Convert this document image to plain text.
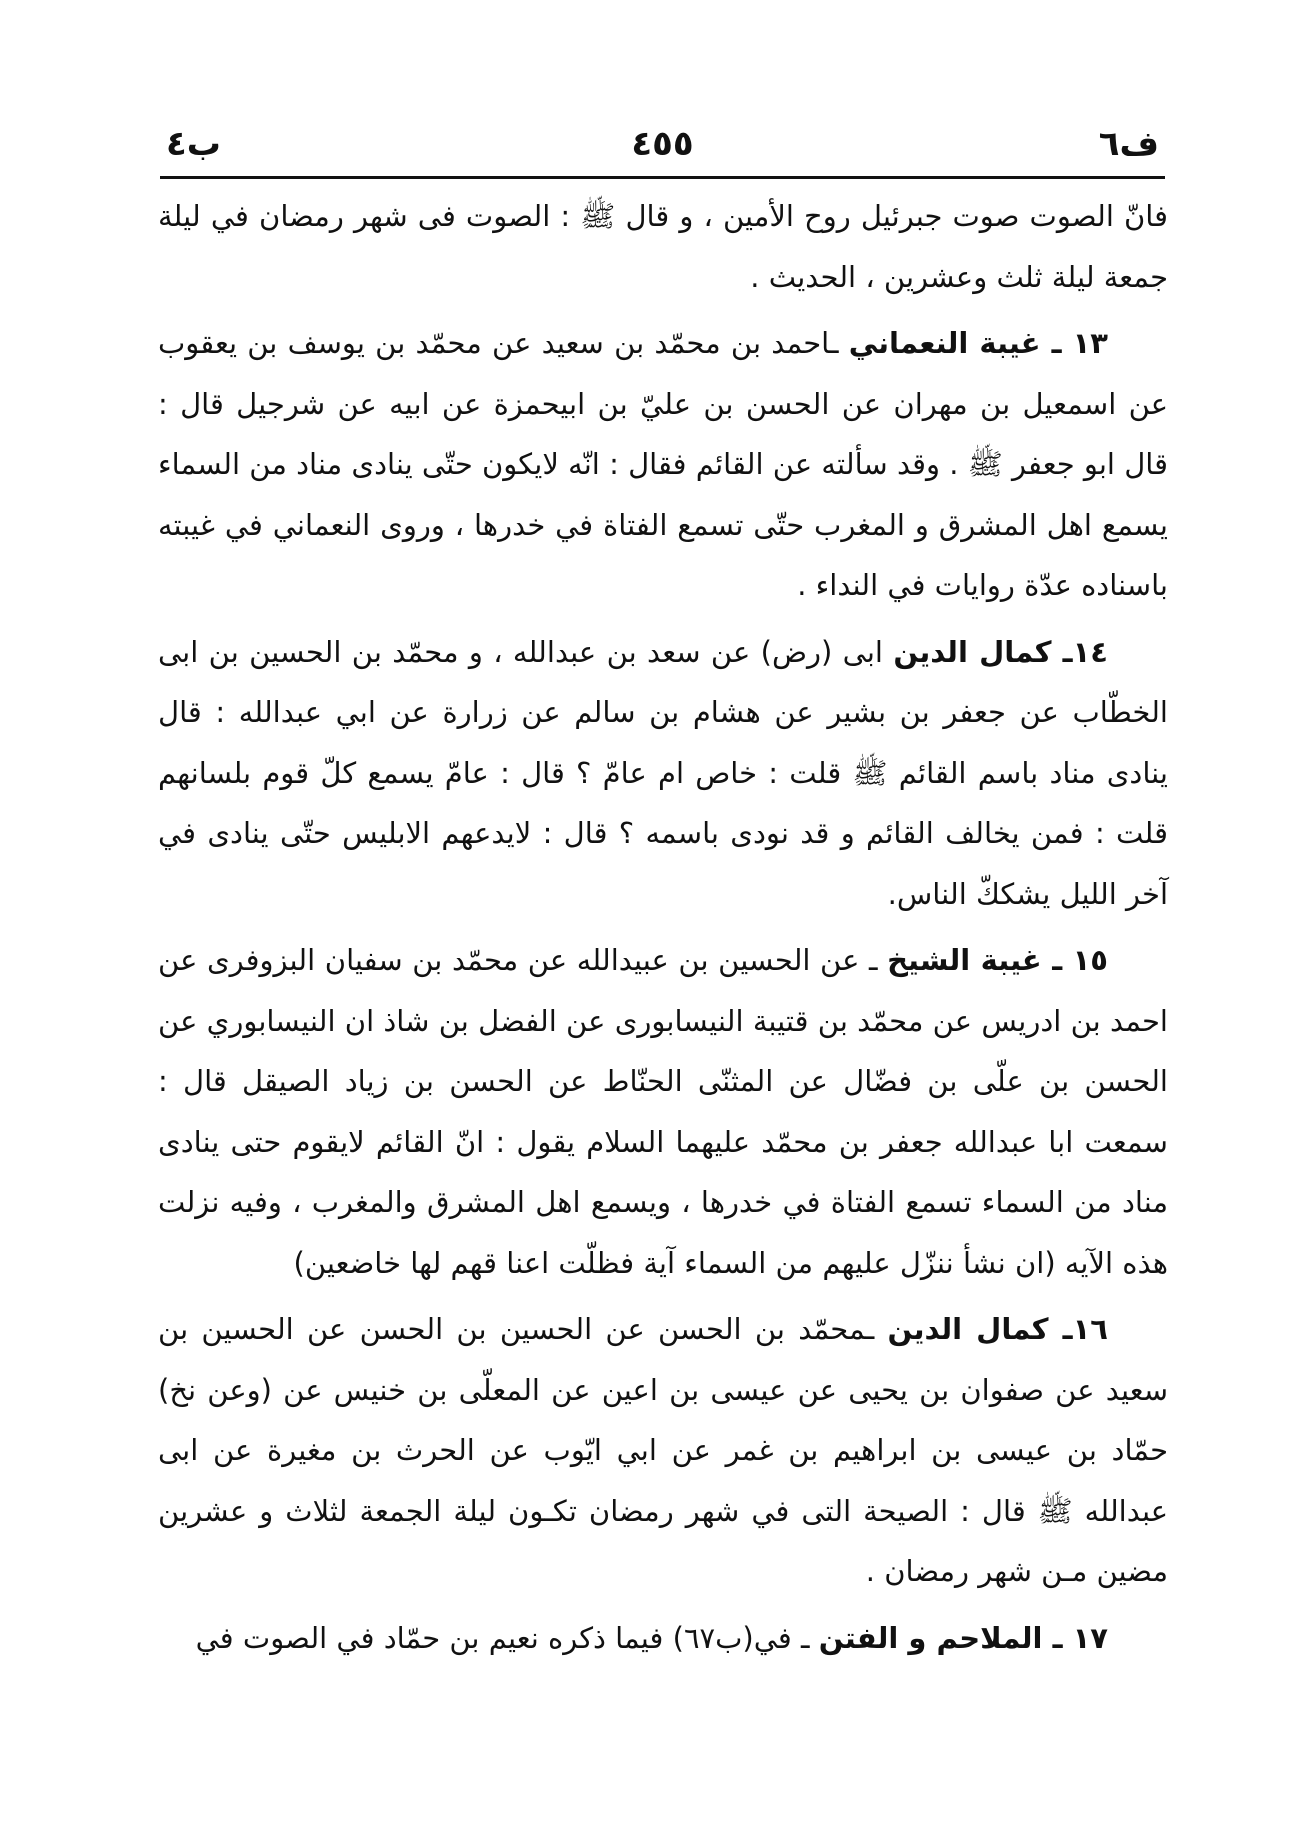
ب٤	٤٥٥	ف٦

فانّ الصوت صوت جبرئيل روح الأمين ، و قال ﷺ : الصوت فى شهر رمضان في ليلة جمعة ليلة ثلث وعشرين ، الحديث .

١٣ ـ غيبة النعماني ـاحمد بن محمّد بن سعيد عن محمّد بن يوسف بن يعقوب عن اسمعيل بن مهران عن الحسن بن عليّ بن ابيحمزة عن ابيه عن شرجيل قال : قال ابو جعفر ﷺ . وقد سألته عن القائم فقال : انّه لايكون حتّى ينادى مناد من السماء يسمع اهل المشرق و المغرب حتّى تسمع الفتاة في خدرها ، وروى النعماني في غيبته باسناده عدّة روايات في النداء .

١٤ـ كمال الدين ابى (رض) عن سعد بن عبدالله ، و محمّد بن الحسين بن ابى الخطّاب عن جعفر بن بشير عن هشام بن سالم عن زرارة عن ابي عبدالله : قال ينادى مناد باسم القائم ﷺ قلت : خاص ام عامّ ؟ قال : عامّ يسمع كلّ قوم بلسانهم قلت : فمن يخالف القائم و قد نودى باسمه ؟ قال : لايدعهم الابليس حتّى ينادى في آخر الليل يشككّ الناس.

١٥ ـ غيبة الشيخ ـ عن الحسين بن عبيدالله عن محمّد بن سفيان البزوفرى عن احمد بن ادريس عن محمّد بن قتيبة النيسابورى عن الفضل بن شاذ ان النيسابوري عن الحسن بن علّى بن فضّال عن المثنّى الحنّاط عن الحسن بن زياد الصيقل قال : سمعت ابا عبدالله جعفر بن محمّد عليهما السلام يقول : انّ القائم لايقوم حتى ينادى مناد من السماء تسمع الفتاة في خدرها ، ويسمع اهل المشرق والمغرب ، وفيه نزلت هذه الآيه (ان نشأ ننزّل عليهم من السماء آية فظلّت اعنا قهم لها خاضعين)

١٦ـ كمال الدين ـمحمّد بن الحسن عن الحسين بن الحسن عن الحسين بن سعيد عن صفوان بن يحيى عن عيسى بن اعين عن المعلّى بن خنيس عن (وعن نخ) حمّاد بن عيسى بن ابراهيم بن غمر عن ابي ايّوب عن الحرث بن مغيرة عن ابى عبدالله ﷺ قال : الصيحة التى في شهر رمضان تكـون ليلة الجمعة لثلاث و عشرين مضين مـن شهر رمضان .

١٧ ـ الملاحم و الفتن ـ في(ب٦٧) فيما ذكره نعيم بن حمّاد في الصوت في
